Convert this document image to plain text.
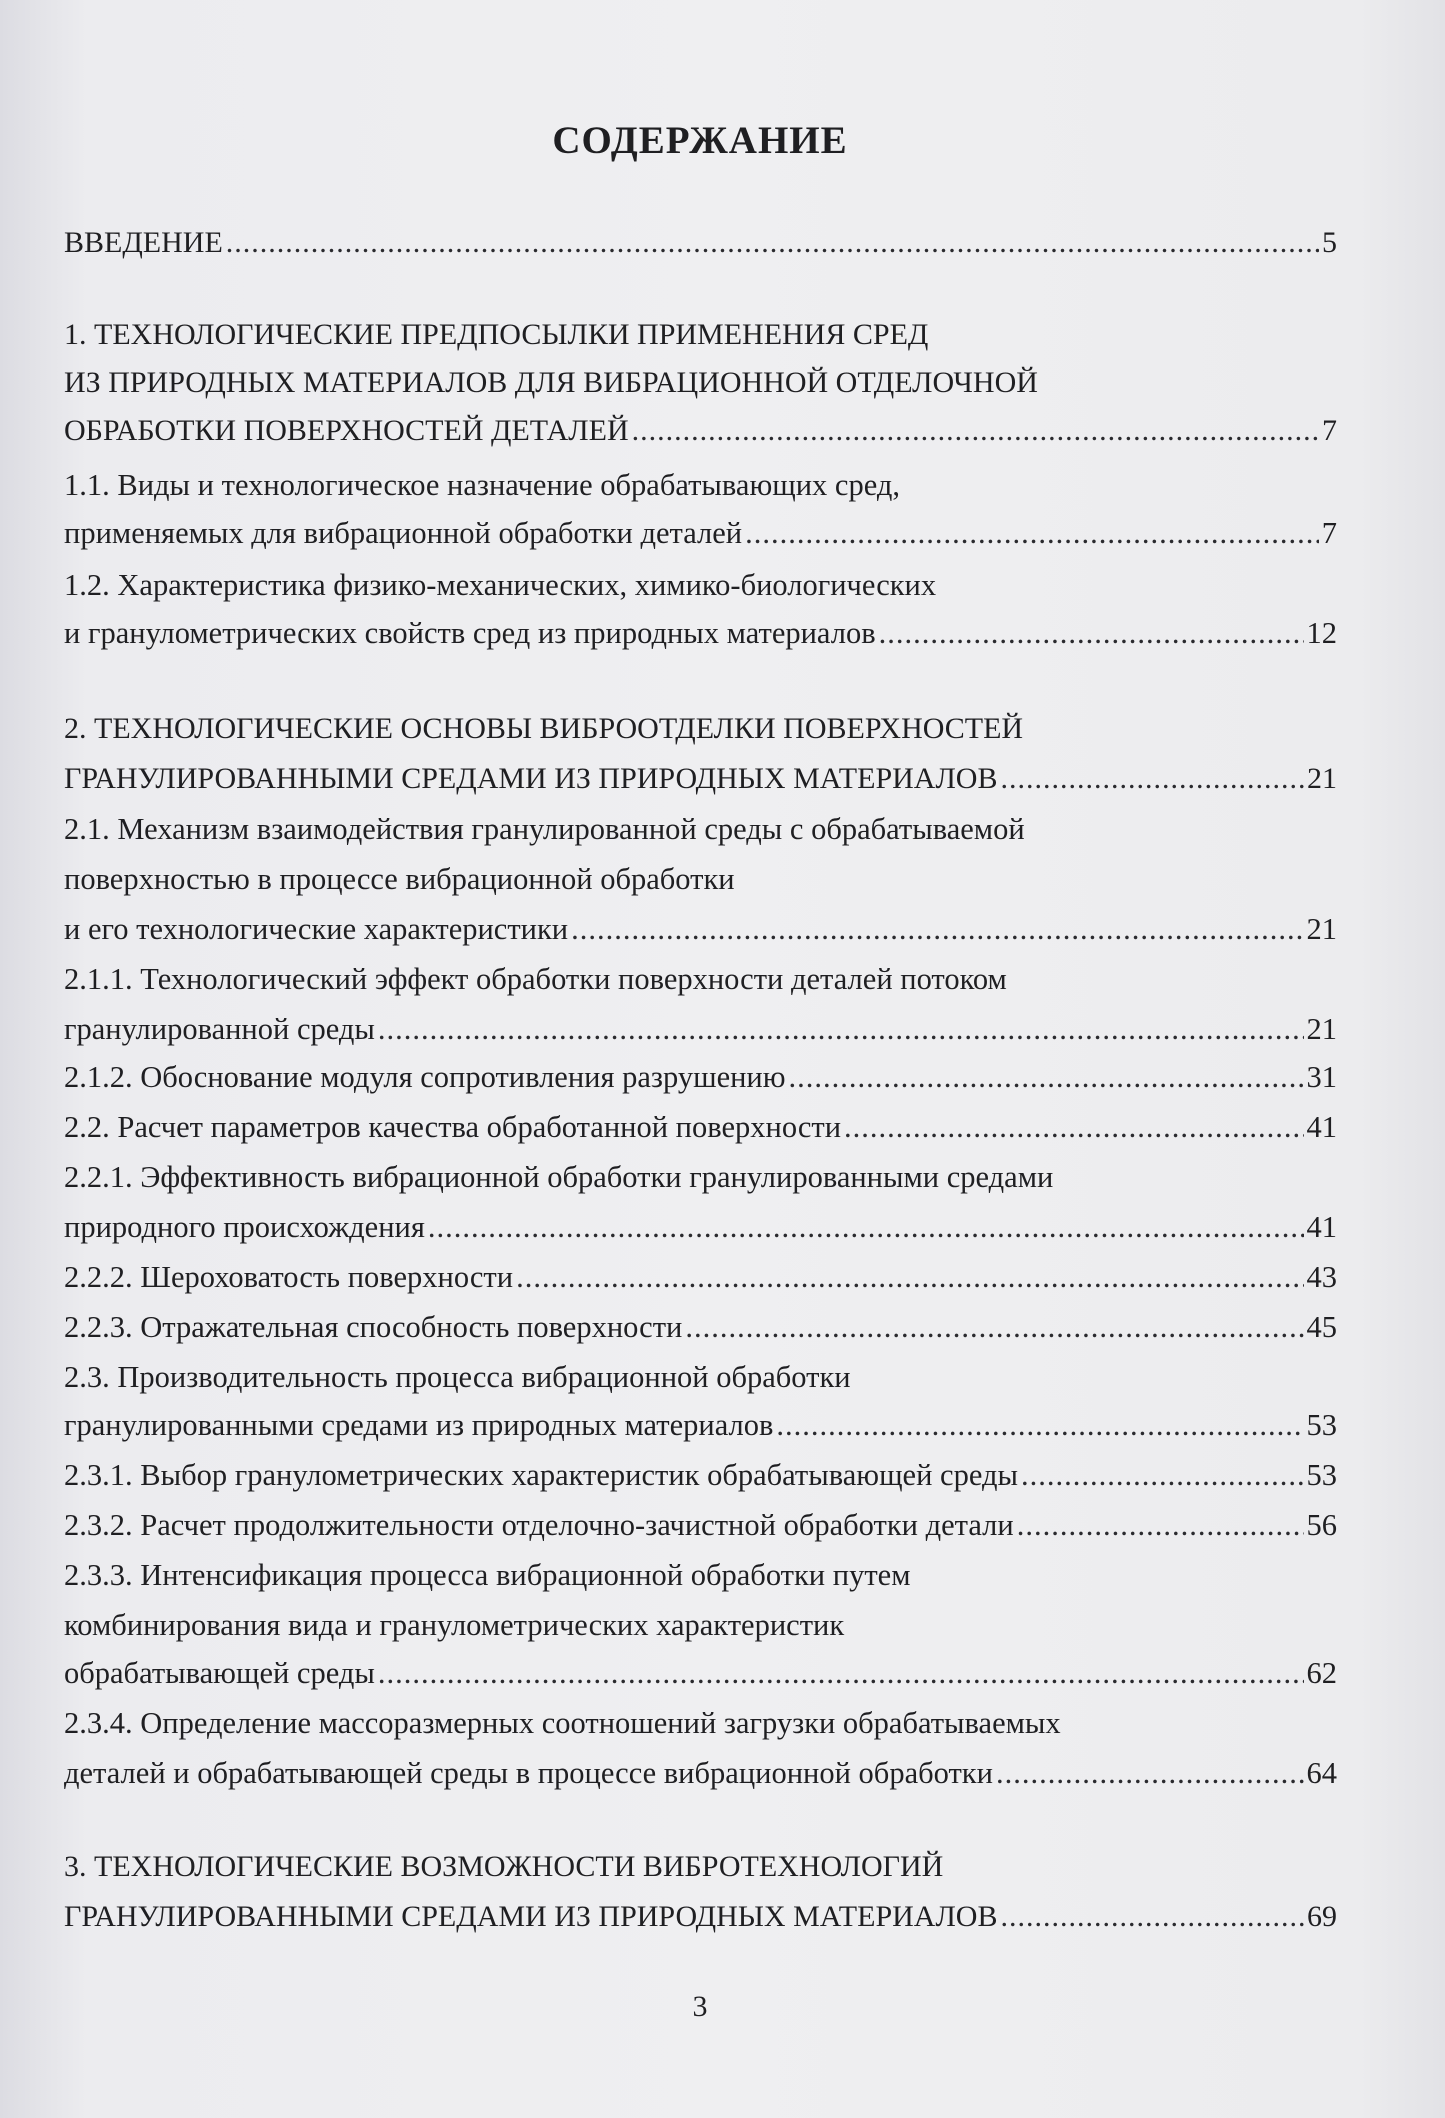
СОДЕРЖАНИЕ
ВВЕДЕНИЕ .....	5
1. ТЕХНОЛОГИЧЕСКИЕ ПРЕДПОСЫЛКИ ПРИМЕНЕНИЯ СРЕД
ИЗ ПРИРОДНЫХ МАТЕРИАЛОВ ДЛЯ ВИБРАЦИОННОЙ ОТДЕЛОЧНОЙ
ОБРАБОТКИ ПОВЕРХНОСТЕЙ ДЕТАЛЕЙ .....	7
1.1. Виды и технологическое назначение обрабатывающих сред,
применяемых для вибрационной обработки деталей .....	7
1.2. Характеристика физико-механических, химико-биологических
и гранулометрических свойств сред из природных материалов .....	12
2. ТЕХНОЛОГИЧЕСКИЕ ОСНОВЫ ВИБРООТДЕЛКИ ПОВЕРХНОСТЕЙ
ГРАНУЛИРОВАННЫМИ СРЕДАМИ ИЗ ПРИРОДНЫХ МАТЕРИАЛОВ .....	21
2.1. Механизм взаимодействия гранулированной среды с обрабатываемой
поверхностью в процессе вибрационной обработки
и его технологические характеристики .....	21
2.1.1. Технологический эффект обработки поверхности деталей потоком
гранулированной среды .....	21
2.1.2. Обоснование модуля сопротивления разрушению .....	31
2.2. Расчет параметров качества обработанной поверхности .....	41
2.2.1. Эффективность вибрационной обработки гранулированными средами
природного происхождения .....	41
2.2.2. Шероховатость поверхности .....	43
2.2.3. Отражательная способность поверхности .....	45
2.3. Производительность процесса вибрационной обработки
гранулированными средами из природных материалов .....	53
2.3.1. Выбор гранулометрических характеристик обрабатывающей среды .....	53
2.3.2. Расчет продолжительности отделочно-зачистной обработки детали .....	56
2.3.3. Интенсификация процесса вибрационной обработки путем
комбинирования вида и гранулометрических характеристик
обрабатывающей среды .....	62
2.3.4. Определение массоразмерных соотношений загрузки обрабатываемых
деталей и обрабатывающей среды в процессе вибрационной обработки .....	64
3. ТЕХНОЛОГИЧЕСКИЕ ВОЗМОЖНОСТИ ВИБРОТЕХНОЛОГИЙ
ГРАНУЛИРОВАННЫМИ СРЕДАМИ ИЗ ПРИРОДНЫХ МАТЕРИАЛОВ .....	69
3
